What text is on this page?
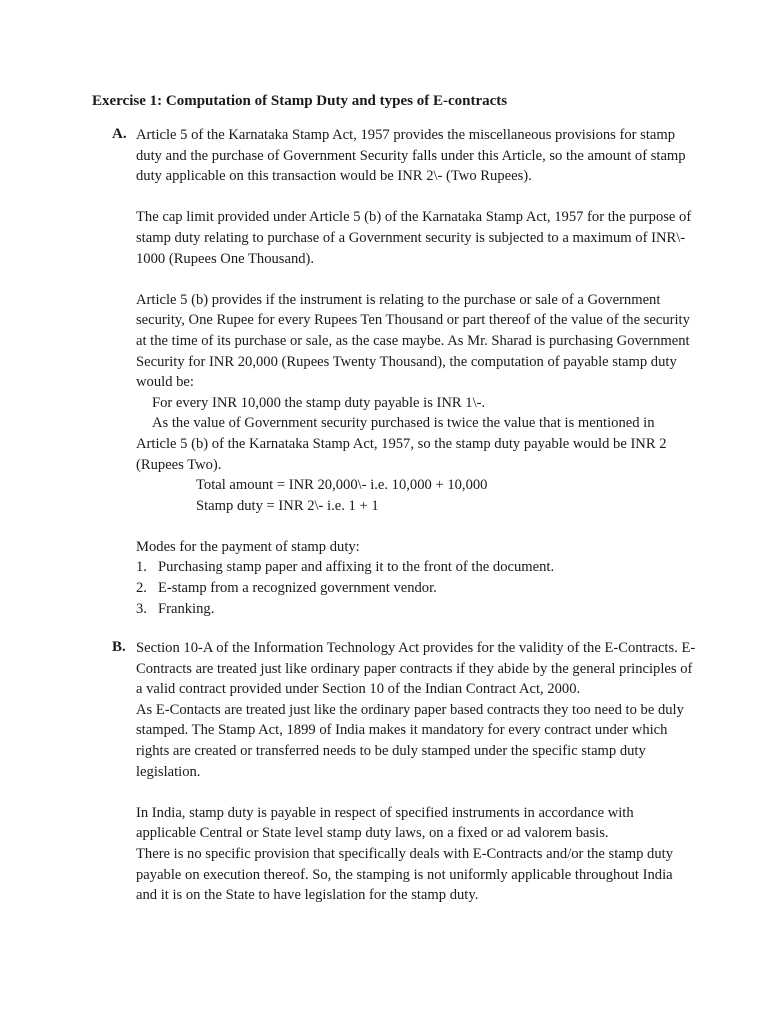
Exercise 1: Computation of Stamp Duty and types of E-contracts
A. Article 5 of the Karnataka Stamp Act, 1957 provides the miscellaneous provisions for stamp duty and the purchase of Government Security falls under this Article, so the amount of stamp duty applicable on this transaction would be INR 2\- (Two Rupees).

The cap limit provided under Article 5 (b) of the Karnataka Stamp Act, 1957 for the purpose of stamp duty relating to purchase of a Government security is subjected to a maximum of INR\- 1000 (Rupees One Thousand).

Article 5 (b) provides if the instrument is relating to the purchase or sale of a Government security, One Rupee for every Rupees Ten Thousand or part thereof of the value of the security at the time of its purchase or sale, as the case maybe. As Mr. Sharad is purchasing Government Security for INR 20,000 (Rupees Twenty Thousand), the computation of payable stamp duty would be:

For every INR 10,000 the stamp duty payable is INR 1\-.

As the value of Government security purchased is twice the value that is mentioned in

Article 5 (b) of the Karnataka Stamp Act, 1957, so the stamp duty payable would be INR 2 (Rupees Two).

Total amount = INR 20,000\- i.e. 10,000 + 10,000

Stamp duty = INR 2\- i.e. 1 + 1

Modes for the payment of stamp duty:

1. Purchasing stamp paper and affixing it to the front of the document.
2. E-stamp from a recognized government vendor.
3. Franking.
B. Section 10-A of the Information Technology Act provides for the validity of the E-Contracts. E-Contracts are treated just like ordinary paper contracts if they abide by the general principles of a valid contract provided under Section 10 of the Indian Contract Act, 2000.

As E-Contacts are treated just like the ordinary paper based contracts they too need to be duly stamped. The Stamp Act, 1899 of India makes it mandatory for every contract under which rights are created or transferred needs to be duly stamped under the specific stamp duty legislation.

In India, stamp duty is payable in respect of specified instruments in accordance with applicable Central or State level stamp duty laws, on a fixed or ad valorem basis.

There is no specific provision that specifically deals with E-Contracts and/or the stamp duty payable on execution thereof. So, the stamping is not uniformly applicable throughout India and it is on the State to have legislation for the stamp duty.
